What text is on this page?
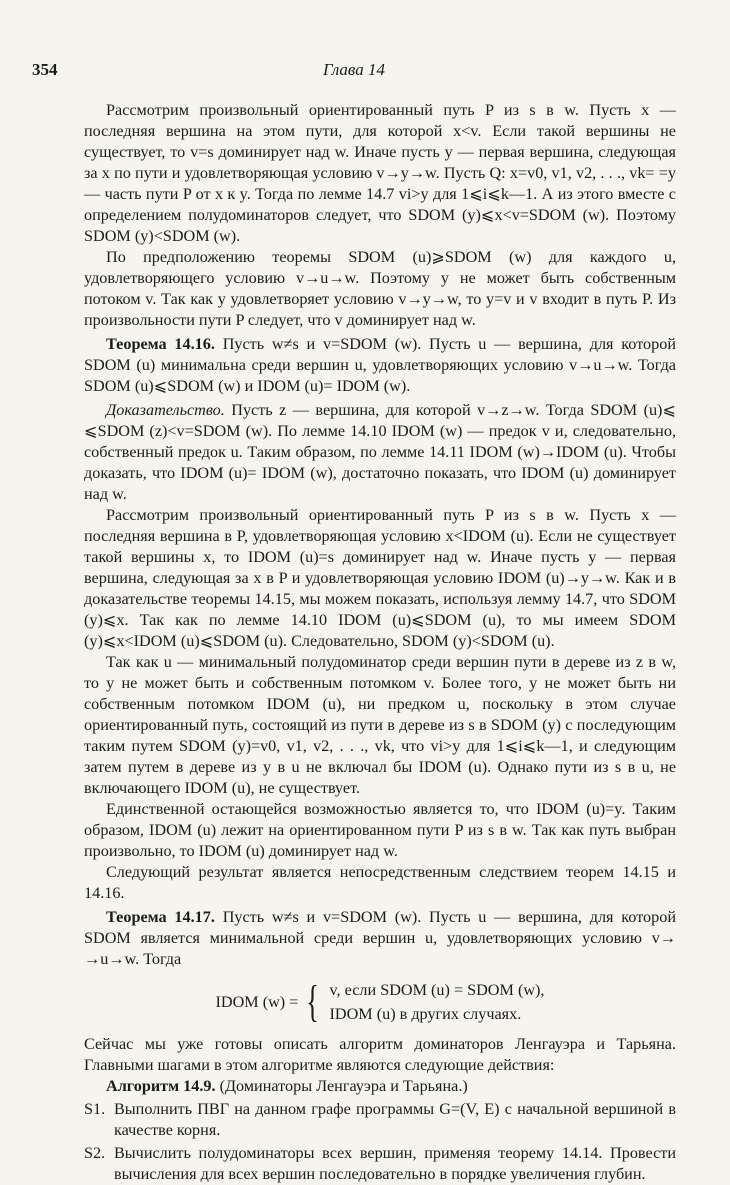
354	Глава 14

Рассмотрим произвольный ориентированный путь P из s в w. Пусть x — последняя вершина на этом пути, для которой x<v. Если такой вершины не существует, то v=s доминирует над w. Иначе пусть y — первая вершина, следующая за x по пути и удовлетворяющая условию v→y→w. Пусть Q: x=v0, v1, v2, . . ., vk= =y — часть пути P от x к y. Тогда по лемме 14.7 vi>y для 1⩽i⩽k—1. А из этого вместе с определением полудоминаторов следует, что SDOM (y)⩽x<v=SDOM (w). Поэтому SDOM (y)<SDOM (w).

По предположению теоремы SDOM (u)⩾SDOM (w) для каждого u, удовлетворяющего условию v→u→w. Поэтому y не может быть собственным потоком v. Так как y удовлетворяет условию v→y→w, то y=v и v входит в путь P. Из произвольности пути P следует, что v доминирует над w.

Теорема 14.16. Пусть w≠s и v=SDOM (w). Пусть u — вершина, для которой SDOM (u) минимальна среди вершин u, удовлетворяющих условию v→u→w. Тогда SDOM (u)⩽SDOM (w) и IDOM (u)= IDOM (w).

Доказательство. Пусть z — вершина, для которой v→z→w. Тогда SDOM (u)⩽ ⩽SDOM (z)<v=SDOM (w). По лемме 14.10 IDOM (w) — предок v и, следовательно, собственный предок u. Таким образом, по лемме 14.11 IDOM (w)→IDOM (u). Чтобы доказать, что IDOM (u)= IDOM (w), достаточно показать, что IDOM (u) доминирует над w.

Рассмотрим произвольный ориентированный путь P из s в w. Пусть x — последняя вершина в P, удовлетворяющая условию x<IDOM (u). Если не существует такой вершины x, то IDOM (u)=s доминирует над w. Иначе пусть y — первая вершина, следующая за x в P и удовлетворяющая условию IDOM (u)→y→w. Как и в доказательстве теоремы 14.15, мы можем показать, используя лемму 14.7, что SDOM (y)⩽x. Так как по лемме 14.10 IDOM (u)⩽SDOM (u), то мы имеем SDOM (y)⩽x<IDOM (u)⩽SDOM (u). Следовательно, SDOM (y)<SDOM (u).

Так как u — минимальный полудоминатор среди вершин пути в дереве из z в w, то y не может быть и собственным потомком v. Более того, y не может быть ни собственным потомком IDOM (u), ни предком u, поскольку в этом случае ориентированный путь, состоящий из пути в дереве из s в SDOM (y) с последующим таким путем SDOM (y)=v0, v1, v2, . . ., vk, что vi>y для 1⩽i⩽k—1, и следующим затем путем в дереве из y в u не включал бы IDOM (u). Однако пути из s в u, не включающего IDOM (u), не существует.

Единственной остающейся возможностью является то, что IDOM (u)=y. Таким образом, IDOM (u) лежит на ориентированном пути P из s в w. Так как путь выбран произвольно, то IDOM (u) доминирует над w.

Следующий результат является непосредственным следствием теорем 14.15 и 14.16.

Теорема 14.17. Пусть w≠s и v=SDOM (w). Пусть u — вершина, для которой SDOM является минимальной среди вершин u, удовлетворяющих условию v→ →u→w. Тогда

IDOM (w) = { v, если SDOM (u) = SDOM (w),
IDOM (u) в других случаях.

Сейчас мы уже готовы описать алгоритм доминаторов Ленгауэра и Тарьяна. Главными шагами в этом алгоритме являются следующие действия:

Алгоритм 14.9. (Доминаторы Ленгауэра и Тарьяна.)

S1. Выполнить ПВГ на данном графе программы G=(V, E) с начальной вершиной в качестве корня.
S2. Вычислить полудоминаторы всех вершин, применяя теорему 14.14. Провести вычисления для всех вершин последовательно в порядке увеличения глубин.
